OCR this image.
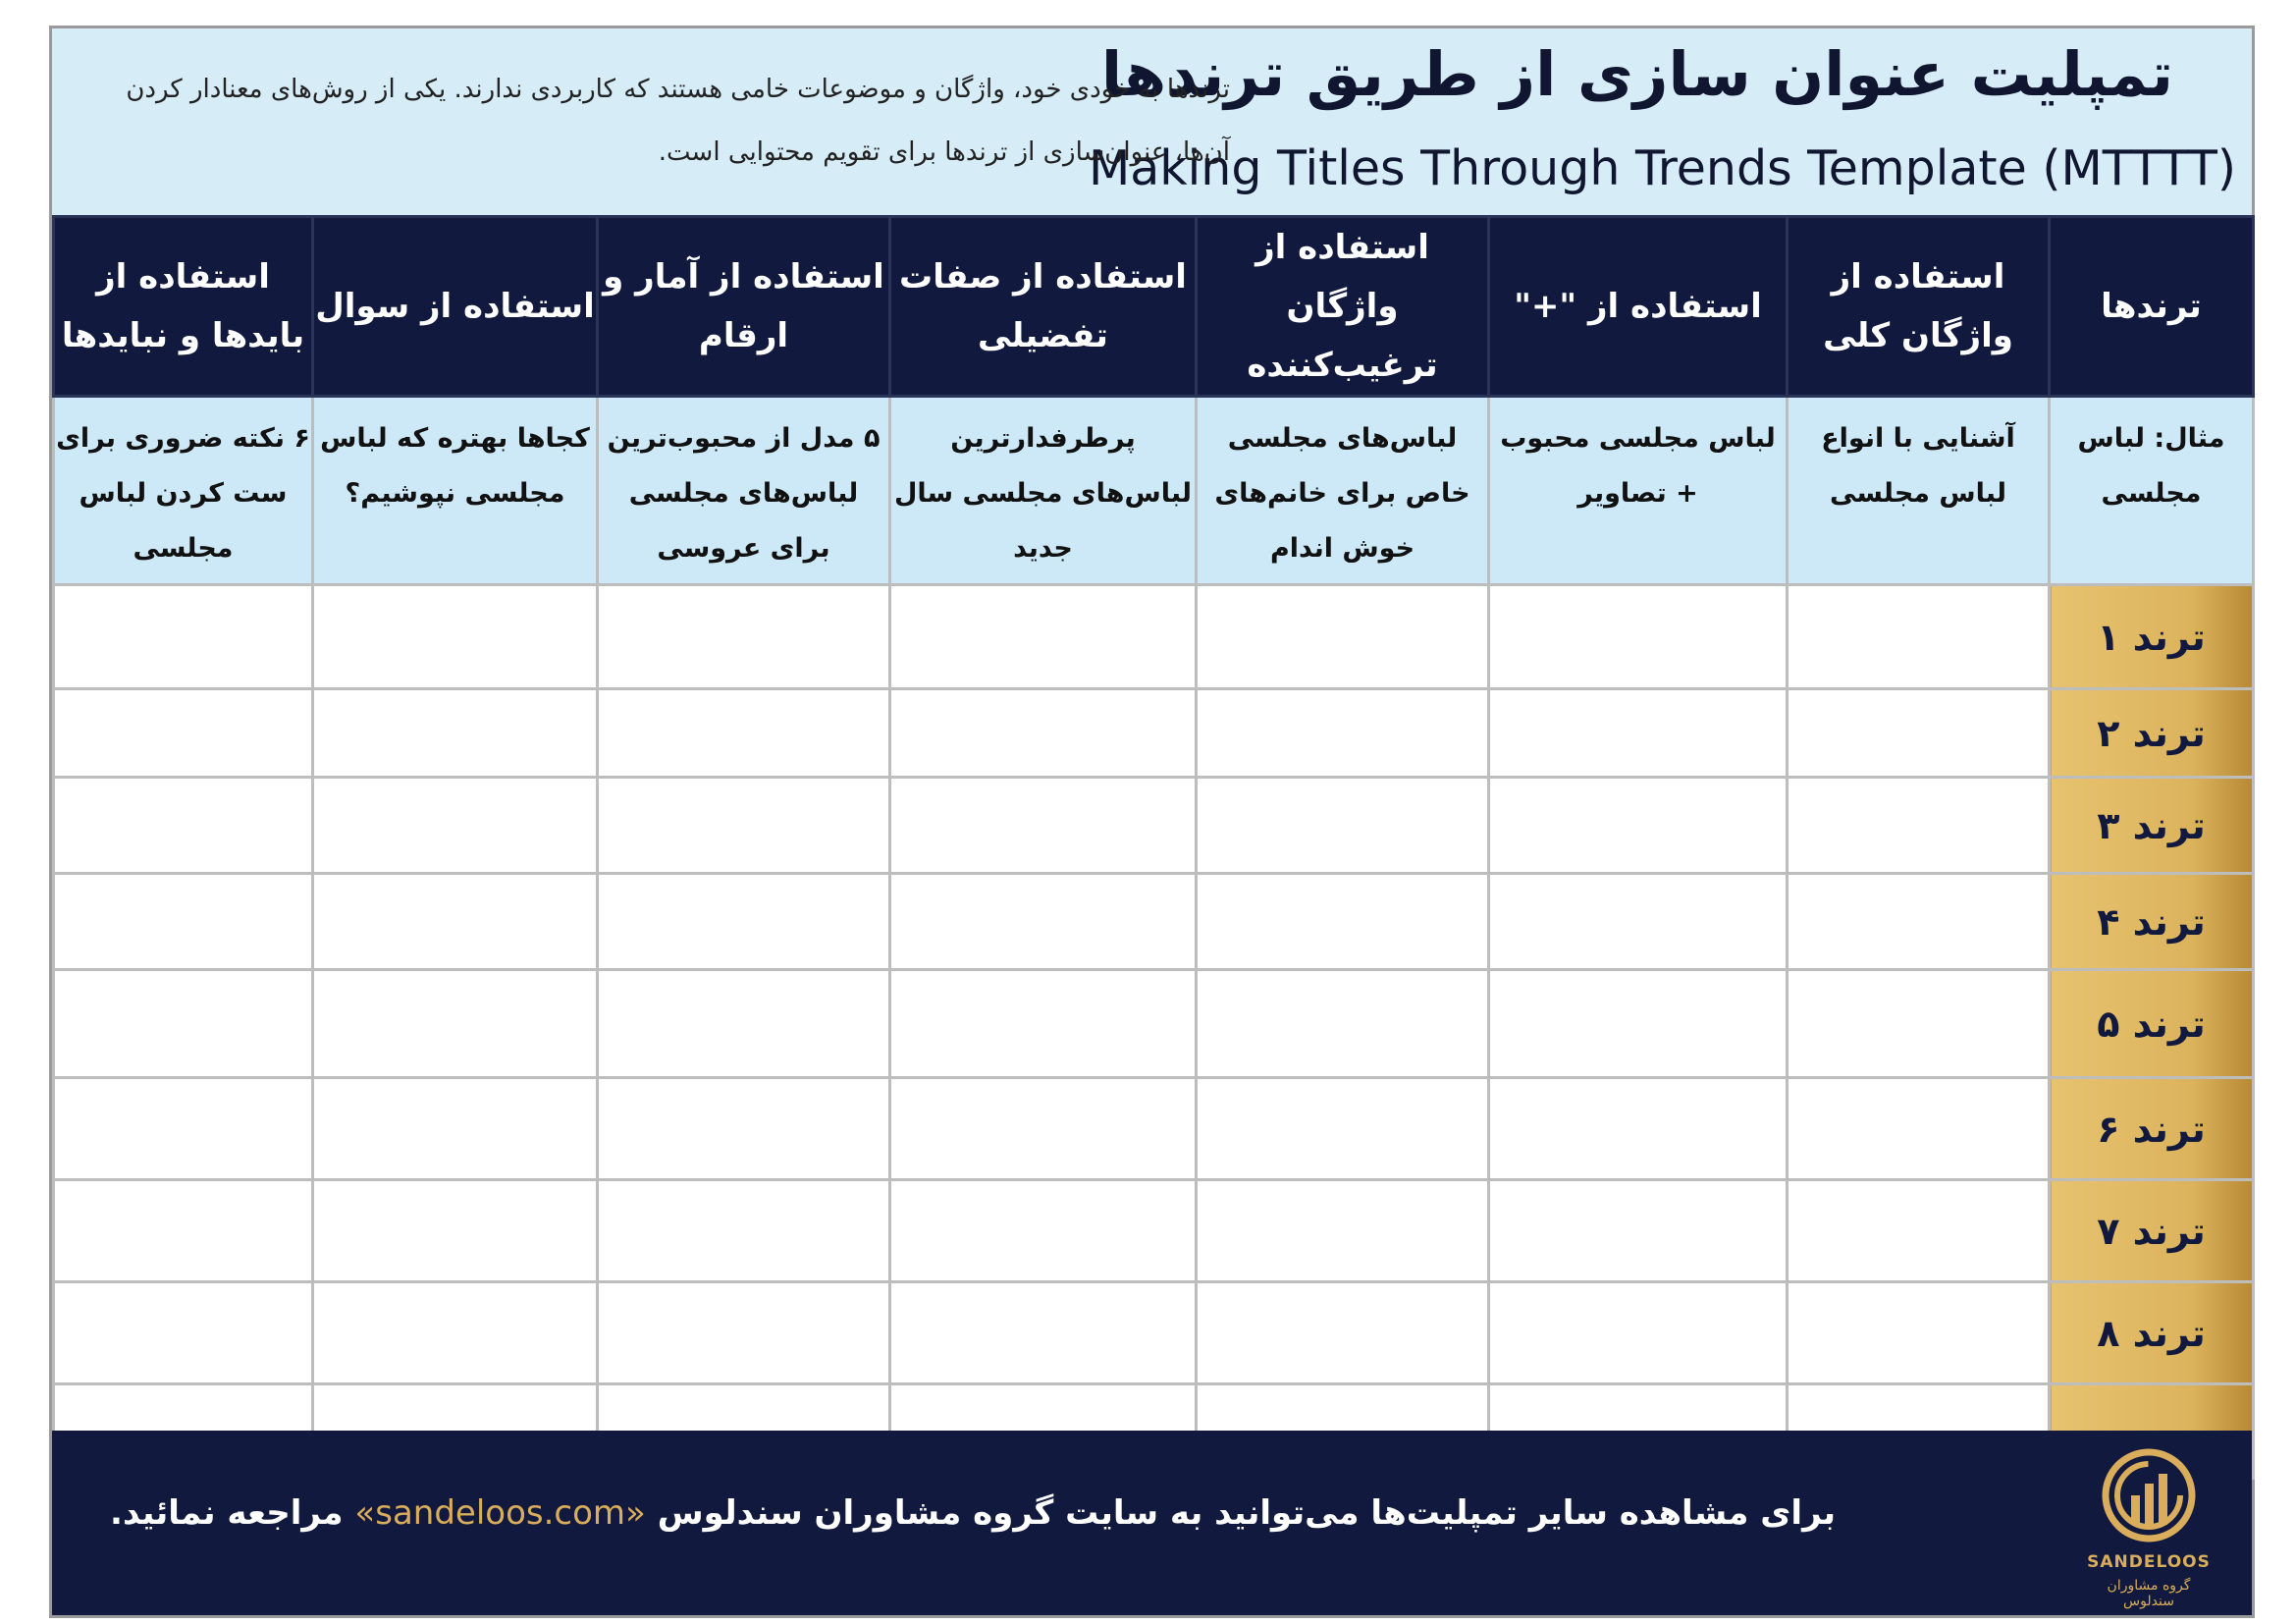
تمپلیت عنوان سازی از طریق ترندها
Making Titles Through Trends Template (MTTTT)
ترندها به خودی خود، واژگان و موضوعات خامی هستند که کاربردی ندارند. یکی از روش‌های معنادار کردن
آن‌ها، عنوان‌سازی از ترندها برای تقویم محتوایی است.
استفاده از بایدها و نبایدها	استفاده از سوال	استفاده از آمار و ارقام	استفاده از صفات تفضیلی	استفاده از واژگان ترغیب‌کننده	استفاده از "+"	استفاده از واژگان کلی	ترندها
۶ نکته ضروری برای ست کردن لباس مجلسی	کجاها بهتره که لباس مجلسی نپوشیم؟	۵ مدل از محبوب‌ترین لباس‌های مجلسی برای عروسی	پرطرفدارترین لباس‌های مجلسی سال جدید	لباس‌های مجلسی خاص برای خانم‌های خوش اندام	لباس مجلسی محبوب + تصاویر	آشنایی با انواع لباس مجلسی	مثال: لباس مجلسی
							ترند ۱
							ترند ۲
							ترند ۳
							ترند ۴
							ترند ۵
							ترند ۶
							ترند ۷
							ترند ۸

برای مشاهده سایر تمپلیت‌ها می‌توانید به سایت گروه مشاوران سندلوس «sandeloos.com» مراجعه نمائید.
SANDELOOS
گروه مشاوران سندلوس
